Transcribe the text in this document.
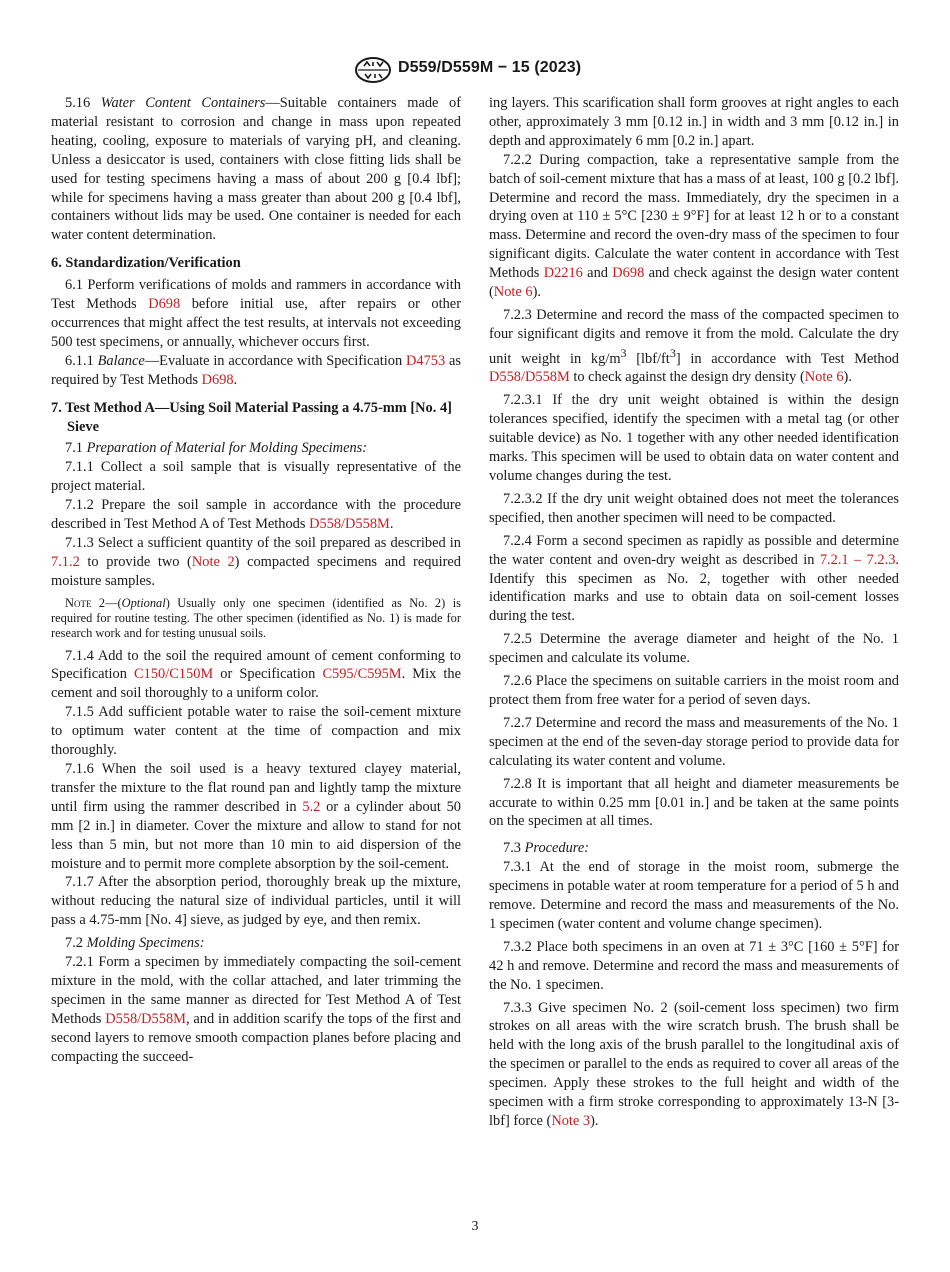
D559/D559M − 15 (2023)

5.16 Water Content Containers—Suitable containers made of material resistant to corrosion and change in mass upon repeated heating, cooling, exposure to materials of varying pH, and cleaning. Unless a desiccator is used, containers with close fitting lids shall be used for testing specimens having a mass of about 200 g [0.4 lbf]; while for specimens having a mass greater than about 200 g [0.4 lbf], containers without lids may be used. One container is needed for each water content determination.

6. Standardization/Verification

6.1 Perform verifications of molds and rammers in accordance with Test Methods D698 before initial use, after repairs or other occurrences that might affect the test results, at intervals not exceeding 500 test specimens, or annually, whichever occurs first.

6.1.1 Balance—Evaluate in accordance with Specification D4753 as required by Test Methods D698.

7. Test Method A—Using Soil Material Passing a 4.75-mm [No. 4] Sieve

7.1 Preparation of Material for Molding Specimens:

7.1.1 Collect a soil sample that is visually representative of the project material.

7.1.2 Prepare the soil sample in accordance with the procedure described in Test Method A of Test Methods D558/D558M.

7.1.3 Select a sufficient quantity of the soil prepared as described in 7.1.2 to provide two (Note 2) compacted specimens and required moisture samples.

Note 2—(Optional) Usually only one specimen (identified as No. 2) is required for routine testing. The other specimen (identified as No. 1) is made for research work and for testing unusual soils.

7.1.4 Add to the soil the required amount of cement conforming to Specification C150/C150M or Specification C595/C595M. Mix the cement and soil thoroughly to a uniform color.

7.1.5 Add sufficient potable water to raise the soil-cement mixture to optimum water content at the time of compaction and mix thoroughly.

7.1.6 When the soil used is a heavy textured clayey material, transfer the mixture to the flat round pan and lightly tamp the mixture until firm using the rammer described in 5.2 or a cylinder about 50 mm [2 in.] in diameter. Cover the mixture and allow to stand for not less than 5 min, but not more than 10 min to aid dispersion of the moisture and to permit more complete absorption by the soil-cement.

7.1.7 After the absorption period, thoroughly break up the mixture, without reducing the natural size of individual particles, until it will pass a 4.75-mm [No. 4] sieve, as judged by eye, and then remix.

7.2 Molding Specimens:

7.2.1 Form a specimen by immediately compacting the soil-cement mixture in the mold, with the collar attached, and later trimming the specimen in the same manner as directed for Test Method A of Test Methods D558/D558M, and in addition scarify the tops of the first and second layers to remove smooth compaction planes before placing and compacting the succeed-

ing layers. This scarification shall form grooves at right angles to each other, approximately 3 mm [0.12 in.] in width and 3 mm [0.12 in.] in depth and approximately 6 mm [0.2 in.] apart.

7.2.2 During compaction, take a representative sample from the batch of soil-cement mixture that has a mass of at least, 100 g [0.2 lbf]. Determine and record the mass. Immediately, dry the specimen in a drying oven at 110 ± 5°C [230 ± 9°F] for at least 12 h or to a constant mass. Determine and record the oven-dry mass of the specimen to four significant digits. Calculate the water content in accordance with Test Methods D2216 and D698 and check against the design water content (Note 6).

7.2.3 Determine and record the mass of the compacted specimen to four significant digits and remove it from the mold. Calculate the dry unit weight in $kg/m^3$ $[lbf/ft^3]$ in accordance with Test Method D558/D558M to check against the design dry density (Note 6).

7.2.3.1 If the dry unit weight obtained is within the design tolerances specified, identify the specimen with a metal tag (or other suitable device) as No. 1 together with any other needed identification marks. This specimen will be used to obtain data on water content and volume changes during the test.

7.2.3.2 If the dry unit weight obtained does not meet the tolerances specified, then another specimen will need to be compacted.

7.2.4 Form a second specimen as rapidly as possible and determine the water content and oven-dry weight as described in 7.2.1 – 7.2.3. Identify this specimen as No. 2, together with other needed identification marks and use to obtain data on soil-cement losses during the test.

7.2.5 Determine the average diameter and height of the No. 1 specimen and calculate its volume.

7.2.6 Place the specimens on suitable carriers in the moist room and protect them from free water for a period of seven days.

7.2.7 Determine and record the mass and measurements of the No. 1 specimen at the end of the seven-day storage period to provide data for calculating its water content and volume.

7.2.8 It is important that all height and diameter measurements be accurate to within 0.25 mm [0.01 in.] and be taken at the same points on the specimen at all times.

7.3 Procedure:

7.3.1 At the end of storage in the moist room, submerge the specimens in potable water at room temperature for a period of 5 h and remove. Determine and record the mass and measurements of the No. 1 specimen (water content and volume change specimen).

7.3.2 Place both specimens in an oven at 71 ± 3°C [160 ± 5°F] for 42 h and remove. Determine and record the mass and measurements of the No. 1 specimen.

7.3.3 Give specimen No. 2 (soil-cement loss specimen) two firm strokes on all areas with the wire scratch brush. The brush shall be held with the long axis of the brush parallel to the longitudinal axis of the specimen or parallel to the ends as required to cover all areas of the specimen. Apply these strokes to the full height and width of the specimen with a firm stroke corresponding to approximately 13-N [3-lbf] force (Note 3).

3
